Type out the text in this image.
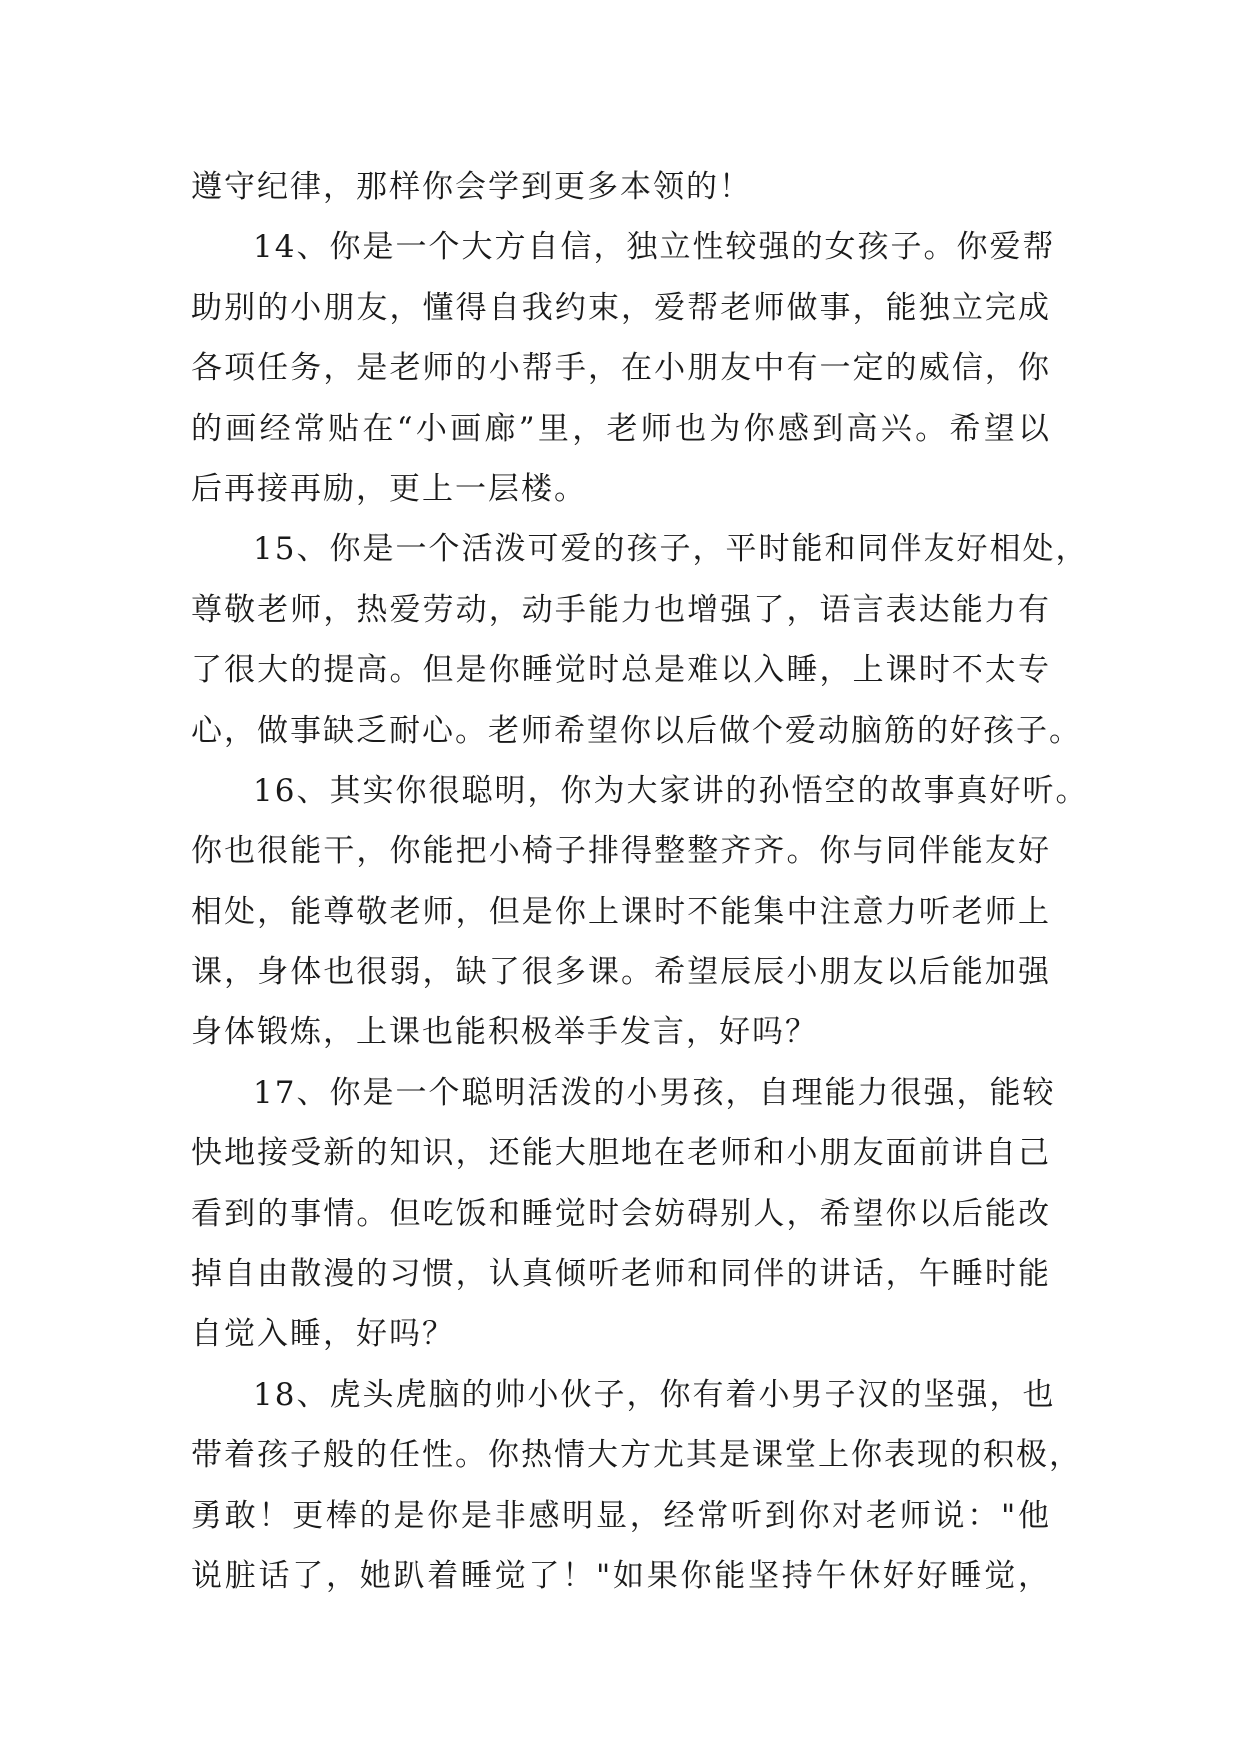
遵守纪律，那样你会学到更多本领的！
14、你是一个大方自信，独立性较强的女孩子。你爱帮
助别的小朋友，懂得自我约束，爱帮老师做事，能独立完成
各项任务，是老师的小帮手，在小朋友中有一定的威信，你
的画经常贴在“小画廊”里，老师也为你感到高兴。希望以
后再接再励，更上一层楼。
15、你是一个活泼可爱的孩子，平时能和同伴友好相处，
尊敬老师，热爱劳动，动手能力也增强了，语言表达能力有
了很大的提高。但是你睡觉时总是难以入睡，上课时不太专
心，做事缺乏耐心。老师希望你以后做个爱动脑筋的好孩子。
16、其实你很聪明，你为大家讲的孙悟空的故事真好听。
你也很能干，你能把小椅子排得整整齐齐。你与同伴能友好
相处，能尊敬老师，但是你上课时不能集中注意力听老师上
课，身体也很弱，缺了很多课。希望辰辰小朋友以后能加强
身体锻炼，上课也能积极举手发言，好吗？
17、你是一个聪明活泼的小男孩，自理能力很强，能较
快地接受新的知识，还能大胆地在老师和小朋友面前讲自己
看到的事情。但吃饭和睡觉时会妨碍别人，希望你以后能改
掉自由散漫的习惯，认真倾听老师和同伴的讲话，午睡时能
自觉入睡，好吗？
18、虎头虎脑的帅小伙子，你有着小男子汉的坚强，也
带着孩子般的任性。你热情大方尤其是课堂上你表现的积极，
勇敢！更棒的是你是非感明显，经常听到你对老师说："他
说脏话了，她趴着睡觉了！"如果你能坚持午休好好睡觉，
